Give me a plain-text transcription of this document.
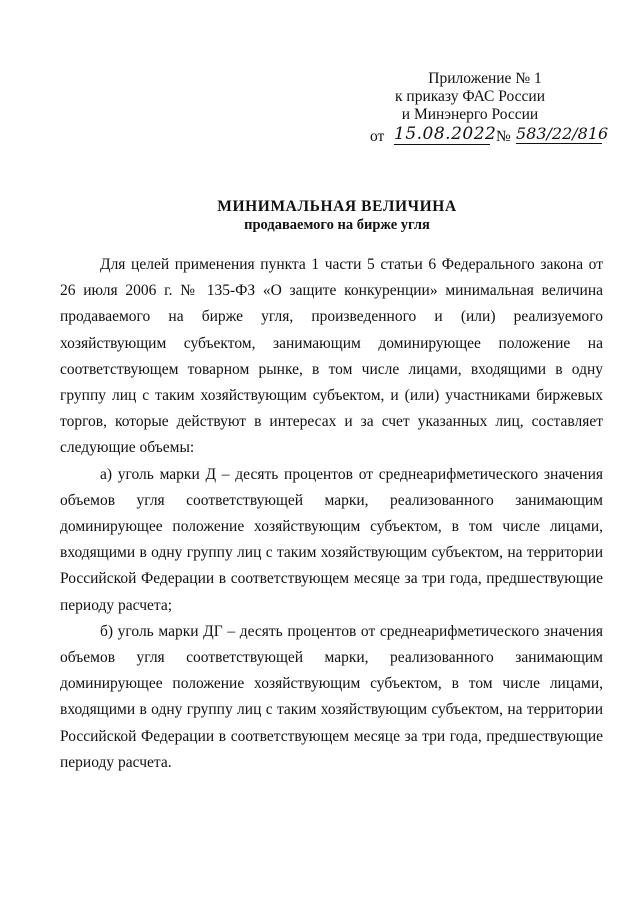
Приложение № 1
к приказу ФАС России
и Минэнерго России
от 15.08.2022 № 583/22/816
МИНИМАЛЬНАЯ ВЕЛИЧИНА
продаваемого на бирже угля

Для целей применения пункта 1 части 5 статьи 6 Федерального закона от 26 июля 2006 г. № 135-ФЗ «О защите конкуренции» минимальная величина продаваемого на бирже угля, произведенного и (или) реализуемого хозяйствующим субъектом, занимающим доминирующее положение на соответствующем товарном рынке, в том числе лицами, входящими в одну группу лиц с таким хозяйствующим субъектом, и (или) участниками биржевых торгов, которые действуют в интересах и за счет указанных лиц, составляет следующие объемы:

а) уголь марки Д – десять процентов от среднеарифметического значения объемов угля соответствующей марки, реализованного занимающим доминирующее положение хозяйствующим субъектом, в том числе лицами, входящими в одну группу лиц с таким хозяйствующим субъектом, на территории Российской Федерации в соответствующем месяце за три года, предшествующие периоду расчета;

б) уголь марки ДГ – десять процентов от среднеарифметического значения объемов угля соответствующей марки, реализованного занимающим доминирующее положение хозяйствующим субъектом, в том числе лицами, входящими в одну группу лиц с таким хозяйствующим субъектом, на территории Российской Федерации в соответствующем месяце за три года, предшествующие периоду расчета.
